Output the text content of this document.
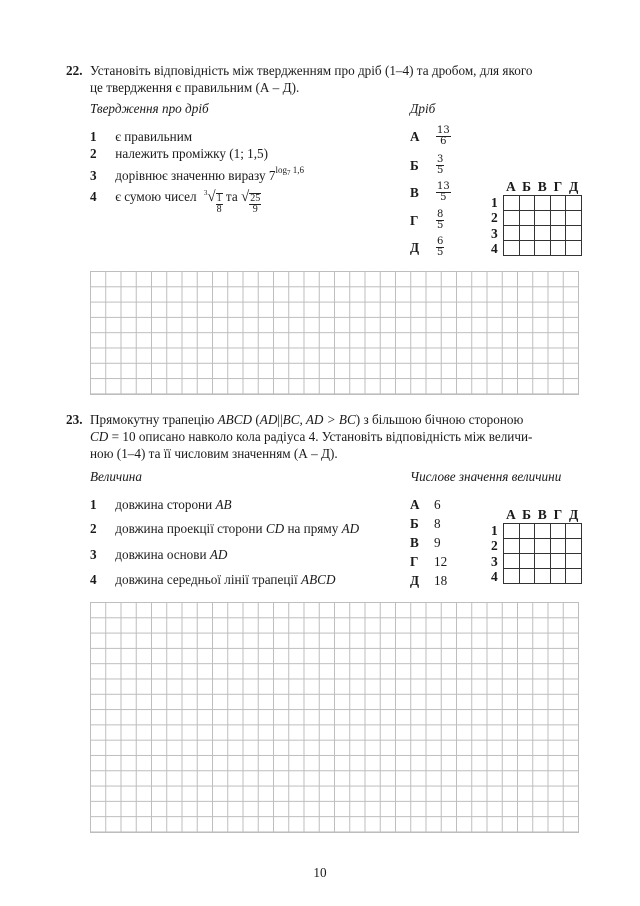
22. Установіть відповідність між твердженням про дріб (1–4) та дробом, для якого
це твердження є правильним (А – Д).
Твердження про дріб	Дріб
1 є правильним
2 належить проміжку (1; 1,5)
3 дорівнює значенню виразу $7^{log_7 1,6}$
4 є сумою чисел $^3√ \frac{1}{8}$ та √ $\frac{25}{9}$
А	$\frac{13}{6}$
Б	$\frac{3}{5}$
В	$\frac{13}{5}$
Г	$\frac{8}{5}$
Д	$\frac{6}{5}$
А Б В Г Д
1
2
3
4

23. Прямокутну трапецію ABCD (AD||BC, AD > BC) з більшою бічною стороною
CD = 10 описано навколо кола радіуса 4. Установіть відповідність між величи-
ною (1–4) та її числовим значенням (А – Д).
Величина	Числове значення величини
1 довжина сторони AB
2 довжина проекції сторони CD на пряму AD
3 довжина основи AD
4 довжина середньої лінії трапеції ABCD
А 6
Б 8
В 9
Г 12
Д 18
А Б В Г Д
1
2
3
4

10
